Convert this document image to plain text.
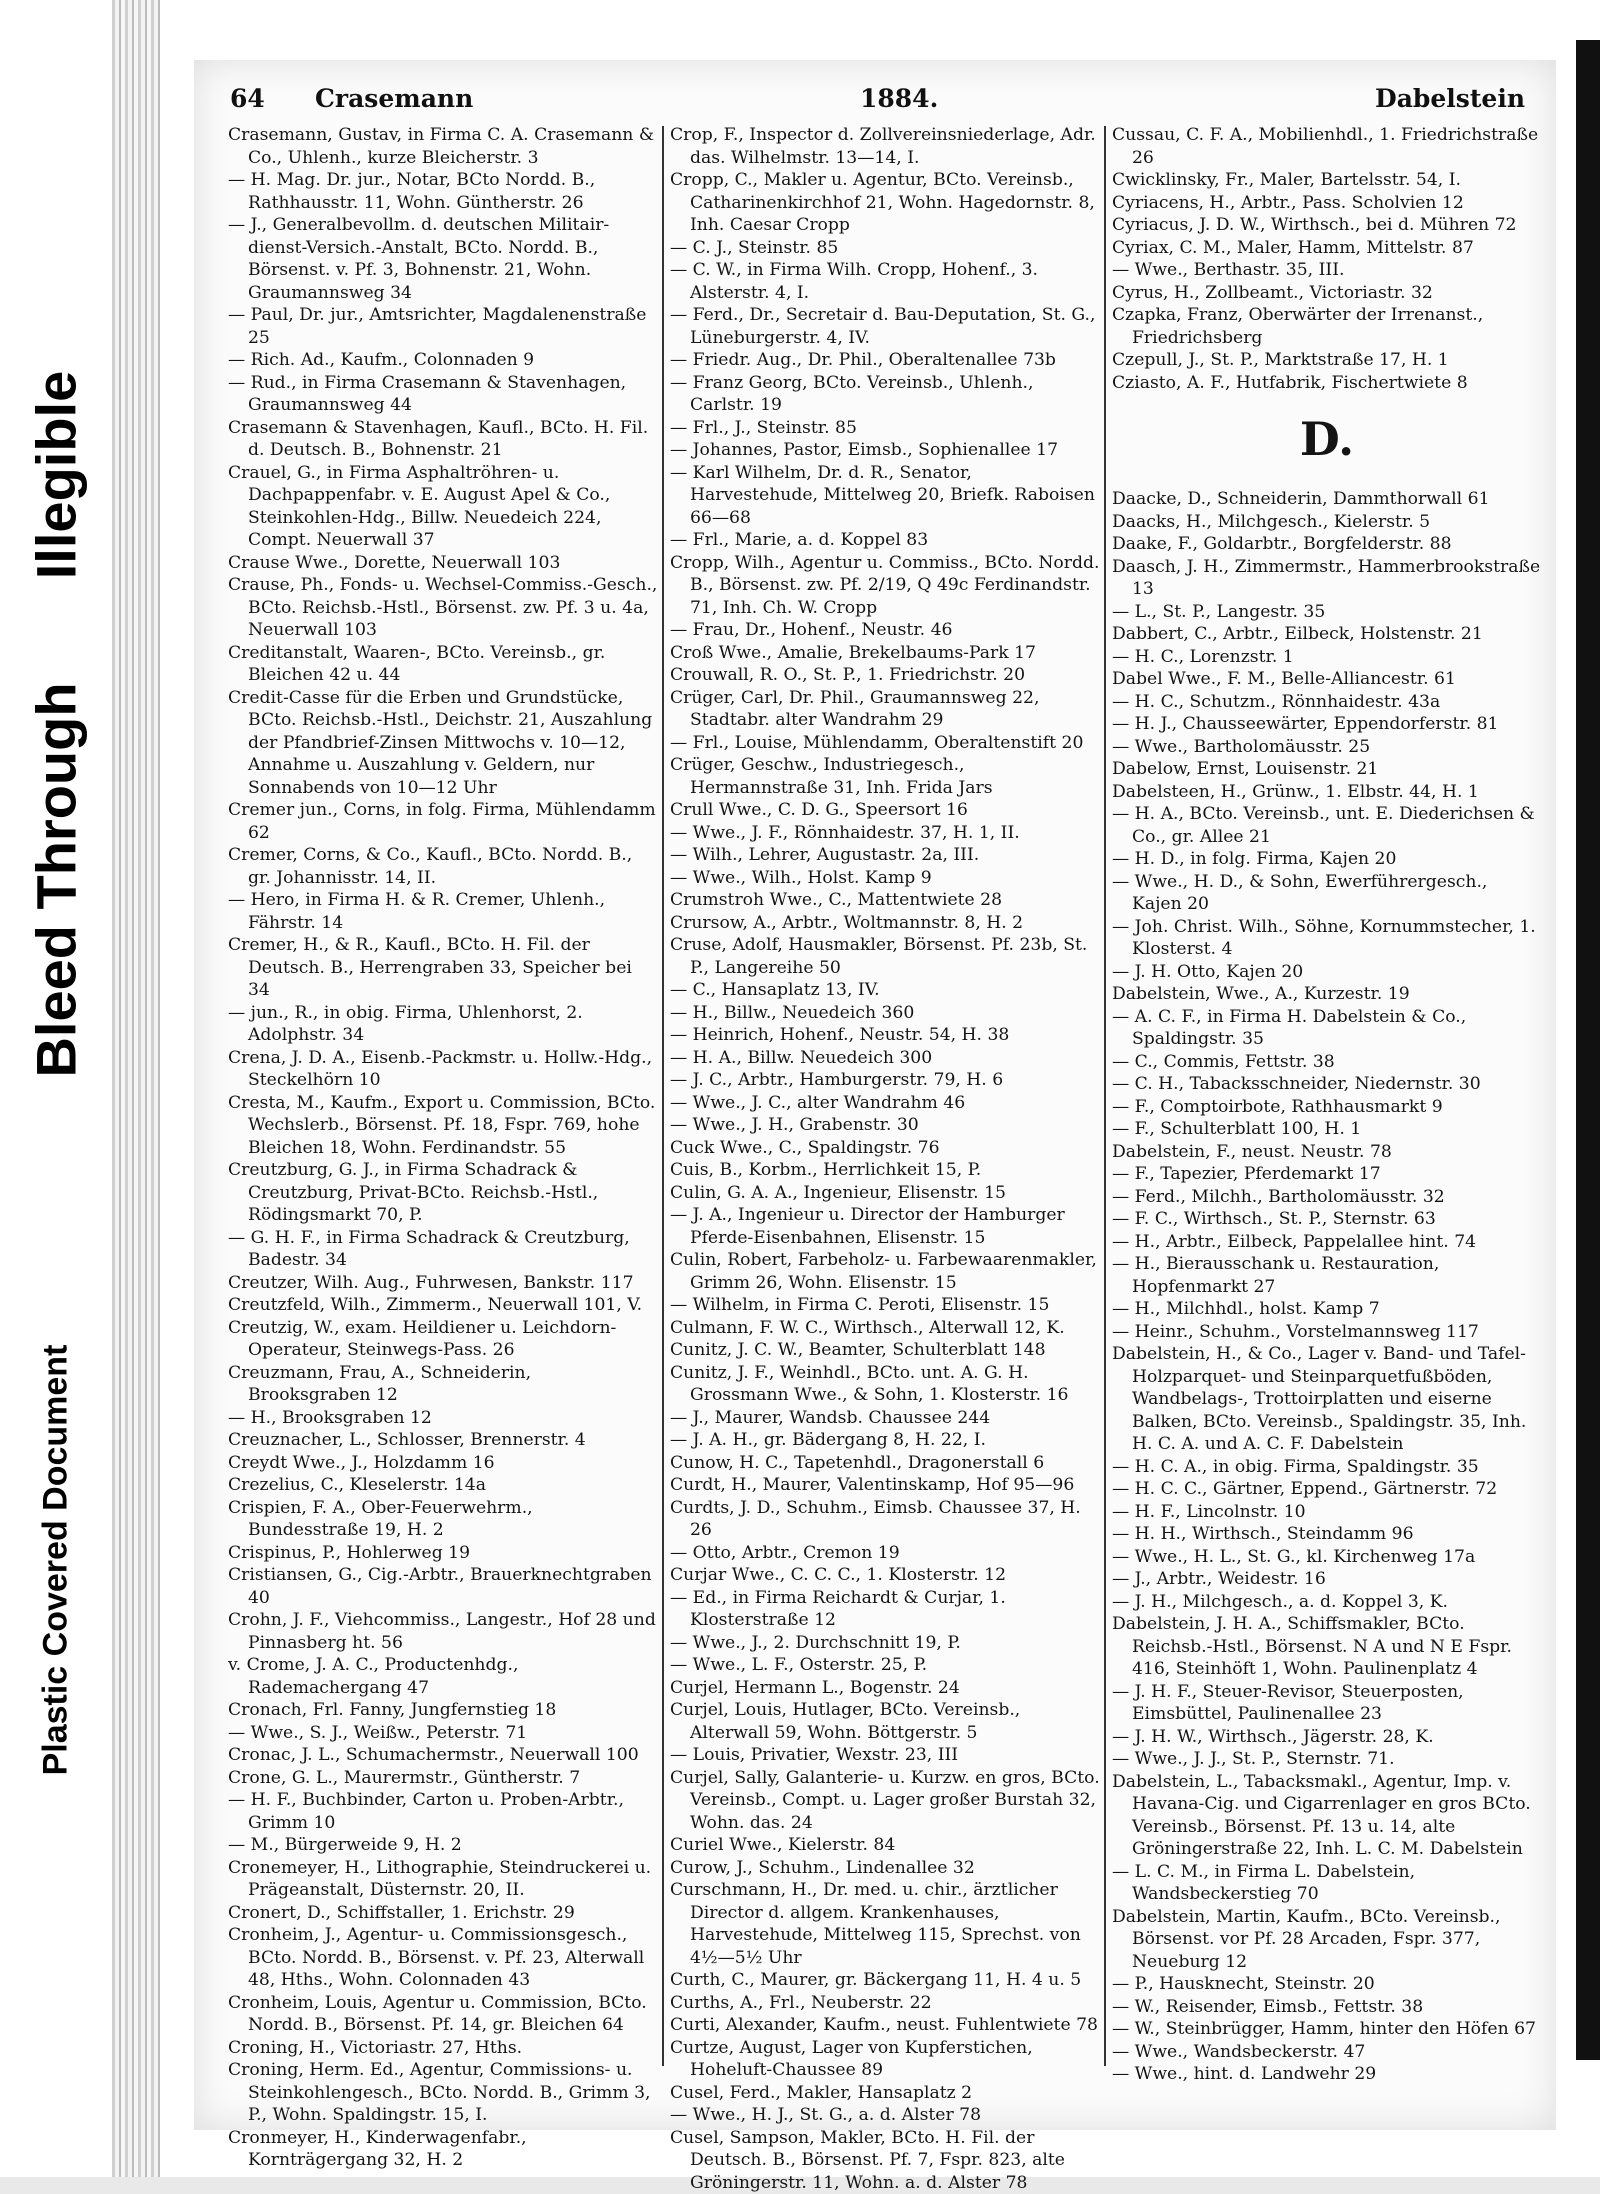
Illegible
Bleed Through
Plastic Covered Document
64 Crasemann	1884.	Dabelstein

Crasemann, Gustav, in Firma C. A. Crasemann & Co., Uhlenh., kurze Bleicherstr. 3

— H. Mag. Dr. jur., Notar, BCto Nordd. B., Rathhausstr. 11, Wohn. Güntherstr. 26

— J., Generalbevollm. d. deutschen Militair-dienst-Versich.-Anstalt, BCto. Nordd. B., Börsenst. v. Pf. 3, Bohnenstr. 21, Wohn. Graumannsweg 34

— Paul, Dr. jur., Amtsrichter, Magdalenenstraße 25

— Rich. Ad., Kaufm., Colonnaden 9

— Rud., in Firma Crasemann & Stavenhagen, Graumannsweg 44

Crasemann & Stavenhagen, Kaufl., BCto. H. Fil. d. Deutsch. B., Bohnenstr. 21

Crauel, G., in Firma Asphaltröhren- u. Dachpappenfabr. v. E. August Apel & Co., Steinkohlen-Hdg., Billw. Neuedeich 224, Compt. Neuerwall 37

Crause Wwe., Dorette, Neuerwall 103

Crause, Ph., Fonds- u. Wechsel-Commiss.-Gesch., BCto. Reichsb.-Hstl., Börsenst. zw. Pf. 3 u. 4a, Neuerwall 103

Creditanstalt, Waaren-, BCto. Vereinsb., gr. Bleichen 42 u. 44

Credit-Casse für die Erben und Grundstücke, BCto. Reichsb.-Hstl., Deichstr. 21, Auszahlung der Pfandbrief-Zinsen Mittwochs v. 10—12, Annahme u. Auszahlung v. Geldern, nur Sonnabends von 10—12 Uhr

Cremer jun., Corns, in folg. Firma, Mühlendamm 62

Cremer, Corns, & Co., Kaufl., BCto. Nordd. B., gr. Johannisstr. 14, II.

— Hero, in Firma H. & R. Cremer, Uhlenh., Fährstr. 14

Cremer, H., & R., Kaufl., BCto. H. Fil. der Deutsch. B., Herrengraben 33, Speicher bei 34

— jun., R., in obig. Firma, Uhlenhorst, 2. Adolphstr. 34

Crena, J. D. A., Eisenb.-Packmstr. u. Hollw.-Hdg., Steckelhörn 10

Cresta, M., Kaufm., Export u. Commission, BCto. Wechslerb., Börsenst. Pf. 18, Fspr. 769, hohe Bleichen 18, Wohn. Ferdinandstr. 55

Creutzburg, G. J., in Firma Schadrack & Creutzburg, Privat-BCto. Reichsb.-Hstl., Rödingsmarkt 70, P.

— G. H. F., in Firma Schadrack & Creutzburg, Badestr. 34

Creutzer, Wilh. Aug., Fuhrwesen, Bankstr. 117

Creutzfeld, Wilh., Zimmerm., Neuerwall 101, V.

Creutzig, W., exam. Heildiener u. Leichdorn-Operateur, Steinwegs-Pass. 26

Creuzmann, Frau, A., Schneiderin, Brooksgraben 12

— H., Brooksgraben 12

Creuznacher, L., Schlosser, Brennerstr. 4

Creydt Wwe., J., Holzdamm 16

Crezelius, C., Kleselerstr. 14a

Crispien, F. A., Ober-Feuerwehrm., Bundesstraße 19, H. 2

Crispinus, P., Hohlerweg 19

Cristiansen, G., Cig.-Arbtr., Brauerknechtgraben 40

Crohn, J. F., Viehcommiss., Langestr., Hof 28 und Pinnasberg ht. 56

v. Crome, J. A. C., Productenhdg., Rademachergang 47

Cronach, Frl. Fanny, Jungfernstieg 18

— Wwe., S. J., Weißw., Peterstr. 71

Cronac, J. L., Schumachermstr., Neuerwall 100

Crone, G. L., Maurermstr., Güntherstr. 7

— H. F., Buchbinder, Carton u. Proben-Arbtr., Grimm 10

— M., Bürgerweide 9, H. 2

Cronemeyer, H., Lithographie, Steindruckerei u. Prägeanstalt, Düsternstr. 20, II.

Cronert, D., Schiffstaller, 1. Erichstr. 29

Cronheim, J., Agentur- u. Commissionsgesch., BCto. Nordd. B., Börsenst. v. Pf. 23, Alterwall 48, Hths., Wohn. Colonnaden 43

Cronheim, Louis, Agentur u. Commission, BCto. Nordd. B., Börsenst. Pf. 14, gr. Bleichen 64

Croning, H., Victoriastr. 27, Hths.

Croning, Herm. Ed., Agentur, Commissions- u. Steinkohlengesch., BCto. Nordd. B., Grimm 3, P., Wohn. Spaldingstr. 15, I.

Cronmeyer, H., Kinderwagenfabr., Kornträgergang 32, H. 2

Crop, F., Inspector d. Zollvereinsniederlage, Adr. das. Wilhelmstr. 13—14, I.

Cropp, C., Makler u. Agentur, BCto. Vereinsb., Catharinenkirchhof 21, Wohn. Hagedornstr. 8, Inh. Caesar Cropp

— C. J., Steinstr. 85

— C. W., in Firma Wilh. Cropp, Hohenf., 3. Alsterstr. 4, I.

— Ferd., Dr., Secretair d. Bau-Deputation, St. G., Lüneburgerstr. 4, IV.

— Friedr. Aug., Dr. Phil., Oberaltenallee 73b

— Franz Georg, BCto. Vereinsb., Uhlenh., Carlstr. 19

— Frl., J., Steinstr. 85

— Johannes, Pastor, Eimsb., Sophienallee 17

— Karl Wilhelm, Dr. d. R., Senator, Harvestehude, Mittelweg 20, Briefk. Raboisen 66—68

— Frl., Marie, a. d. Koppel 83

Cropp, Wilh., Agentur u. Commiss., BCto. Nordd. B., Börsenst. zw. Pf. 2/19, Q 49c Ferdinandstr. 71, Inh. Ch. W. Cropp

— Frau, Dr., Hohenf., Neustr. 46

Croß Wwe., Amalie, Brekelbaums-Park 17

Crouwall, R. O., St. P., 1. Friedrichstr. 20

Crüger, Carl, Dr. Phil., Graumannsweg 22, Stadtabr. alter Wandrahm 29

— Frl., Louise, Mühlendamm, Oberaltenstift 20

Crüger, Geschw., Industriegesch., Hermannstraße 31, Inh. Frida Jars

Crull Wwe., C. D. G., Speersort 16

— Wwe., J. F., Rönnhaidestr. 37, H. 1, II.

— Wilh., Lehrer, Augustastr. 2a, III.

— Wwe., Wilh., Holst. Kamp 9

Crumstroh Wwe., C., Mattentwiete 28

Crursow, A., Arbtr., Woltmannstr. 8, H. 2

Cruse, Adolf, Hausmakler, Börsenst. Pf. 23b, St. P., Langereihe 50

— C., Hansaplatz 13, IV.

— H., Billw., Neuedeich 360

— Heinrich, Hohenf., Neustr. 54, H. 38

— H. A., Billw. Neuedeich 300

— J. C., Arbtr., Hamburgerstr. 79, H. 6

— Wwe., J. C., alter Wandrahm 46

— Wwe., J. H., Grabenstr. 30

Cuck Wwe., C., Spaldingstr. 76

Cuis, B., Korbm., Herrlichkeit 15, P.

Culin, G. A. A., Ingenieur, Elisenstr. 15

— J. A., Ingenieur u. Director der Hamburger Pferde-Eisenbahnen, Elisenstr. 15

Culin, Robert, Farbeholz- u. Farbewaarenmakler, Grimm 26, Wohn. Elisenstr. 15

— Wilhelm, in Firma C. Peroti, Elisenstr. 15

Culmann, F. W. C., Wirthsch., Alterwall 12, K.

Cunitz, J. C. W., Beamter, Schulterblatt 148

Cunitz, J. F., Weinhdl., BCto. unt. A. G. H. Grossmann Wwe., & Sohn, 1. Klosterstr. 16

— J., Maurer, Wandsb. Chaussee 244

— J. A. H., gr. Bädergang 8, H. 22, I.

Cunow, H. C., Tapetenhdl., Dragonerstall 6

Curdt, H., Maurer, Valentinskamp, Hof 95—96

Curdts, J. D., Schuhm., Eimsb. Chaussee 37, H. 26

— Otto, Arbtr., Cremon 19

Curjar Wwe., C. C. C., 1. Klosterstr. 12

— Ed., in Firma Reichardt & Curjar, 1. Klosterstraße 12

— Wwe., J., 2. Durchschnitt 19, P.

— Wwe., L. F., Osterstr. 25, P.

Curjel, Hermann L., Bogenstr. 24

Curjel, Louis, Hutlager, BCto. Vereinsb., Alterwall 59, Wohn. Böttgerstr. 5

— Louis, Privatier, Wexstr. 23, III

Curjel, Sally, Galanterie- u. Kurzw. en gros, BCto. Vereinsb., Compt. u. Lager großer Burstah 32, Wohn. das. 24

Curiel Wwe., Kielerstr. 84

Curow, J., Schuhm., Lindenallee 32

Curschmann, H., Dr. med. u. chir., ärztlicher Director d. allgem. Krankenhauses, Harvestehude, Mittelweg 115, Sprechst. von 4½—5½ Uhr

Curth, C., Maurer, gr. Bäckergang 11, H. 4 u. 5

Curths, A., Frl., Neuberstr. 22

Curti, Alexander, Kaufm., neust. Fuhlentwiete 78

Curtze, August, Lager von Kupferstichen, Hoheluft-Chaussee 89

Cusel, Ferd., Makler, Hansaplatz 2

— Wwe., H. J., St. G., a. d. Alster 78

Cusel, Sampson, Makler, BCto. H. Fil. der Deutsch. B., Börsenst. Pf. 7, Fspr. 823, alte Gröningerstr. 11, Wohn. a. d. Alster 78

Cussau, C. F. A., Mobilienhdl., 1. Friedrichstraße 26

Cwicklinsky, Fr., Maler, Bartelsstr. 54, I.

Cyriacens, H., Arbtr., Pass. Scholvien 12

Cyriacus, J. D. W., Wirthsch., bei d. Mühren 72

Cyriax, C. M., Maler, Hamm, Mittelstr. 87

— Wwe., Berthastr. 35, III.

Cyrus, H., Zollbeamt., Victoriastr. 32

Czapka, Franz, Oberwärter der Irrenanst., Friedrichsberg

Czepull, J., St. P., Marktstraße 17, H. 1

Cziasto, A. F., Hutfabrik, Fischertwiete 8

D.

Daacke, D., Schneiderin, Dammthorwall 61

Daacks, H., Milchgesch., Kielerstr. 5

Daake, F., Goldarbtr., Borgfelderstr. 88

Daasch, J. H., Zimmermstr., Hammerbrookstraße 13

— L., St. P., Langestr. 35

Dabbert, C., Arbtr., Eilbeck, Holstenstr. 21

— H. C., Lorenzstr. 1

Dabel Wwe., F. M., Belle-Alliancestr. 61

— H. C., Schutzm., Rönnhaidestr. 43a

— H. J., Chausseewärter, Eppendorferstr. 81

— Wwe., Bartholomäusstr. 25

Dabelow, Ernst, Louisenstr. 21

Dabelsteen, H., Grünw., 1. Elbstr. 44, H. 1

— H. A., BCto. Vereinsb., unt. E. Diederichsen & Co., gr. Allee 21

— H. D., in folg. Firma, Kajen 20

— Wwe., H. D., & Sohn, Ewerführergesch., Kajen 20

— Joh. Christ. Wilh., Söhne, Kornummstecher, 1. Klosterst. 4

— J. H. Otto, Kajen 20

Dabelstein, Wwe., A., Kurzestr. 19

— A. C. F., in Firma H. Dabelstein & Co., Spaldingstr. 35

— C., Commis, Fettstr. 38

— C. H., Tabacksschneider, Niedernstr. 30

— F., Comptoirbote, Rathhausmarkt 9

— F., Schulterblatt 100, H. 1

Dabelstein, F., neust. Neustr. 78

— F., Tapezier, Pferdemarkt 17

— Ferd., Milchh., Bartholomäusstr. 32

— F. C., Wirthsch., St. P., Sternstr. 63

— H., Arbtr., Eilbeck, Pappelallee hint. 74

— H., Bierausschank u. Restauration, Hopfenmarkt 27

— H., Milchhdl., holst. Kamp 7

— Heinr., Schuhm., Vorstelmannsweg 117

Dabelstein, H., & Co., Lager v. Band- und Tafel-Holzparquet- und Steinparquetfußböden, Wandbelags-, Trottoirplatten und eiserne Balken, BCto. Vereinsb., Spaldingstr. 35, Inh. H. C. A. und A. C. F. Dabelstein

— H. C. A., in obig. Firma, Spaldingstr. 35

— H. C. C., Gärtner, Eppend., Gärtnerstr. 72

— H. F., Lincolnstr. 10

— H. H., Wirthsch., Steindamm 96

— Wwe., H. L., St. G., kl. Kirchenweg 17a

— J., Arbtr., Weidestr. 16

— J. H., Milchgesch., a. d. Koppel 3, K.

Dabelstein, J. H. A., Schiffsmakler, BCto. Reichsb.-Hstl., Börsenst. N A und N E Fspr. 416, Steinhöft 1, Wohn. Paulinenplatz 4

— J. H. F., Steuer-Revisor, Steuerposten, Eimsbüttel, Paulinenallee 23

— J. H. W., Wirthsch., Jägerstr. 28, K.

— Wwe., J. J., St. P., Sternstr. 71.

Dabelstein, L., Tabacksmakl., Agentur, Imp. v. Havana-Cig. und Cigarrenlager en gros BCto. Vereinsb., Börsenst. Pf. 13 u. 14, alte Gröningerstraße 22, Inh. L. C. M. Dabelstein

— L. C. M., in Firma L. Dabelstein, Wandsbeckerstieg 70

Dabelstein, Martin, Kaufm., BCto. Vereinsb., Börsenst. vor Pf. 28 Arcaden, Fspr. 377, Neueburg 12

— P., Hausknecht, Steinstr. 20

— W., Reisender, Eimsb., Fettstr. 38

— W., Steinbrügger, Hamm, hinter den Höfen 67

— Wwe., Wandsbeckerstr. 47

— Wwe., hint. d. Landwehr 29
